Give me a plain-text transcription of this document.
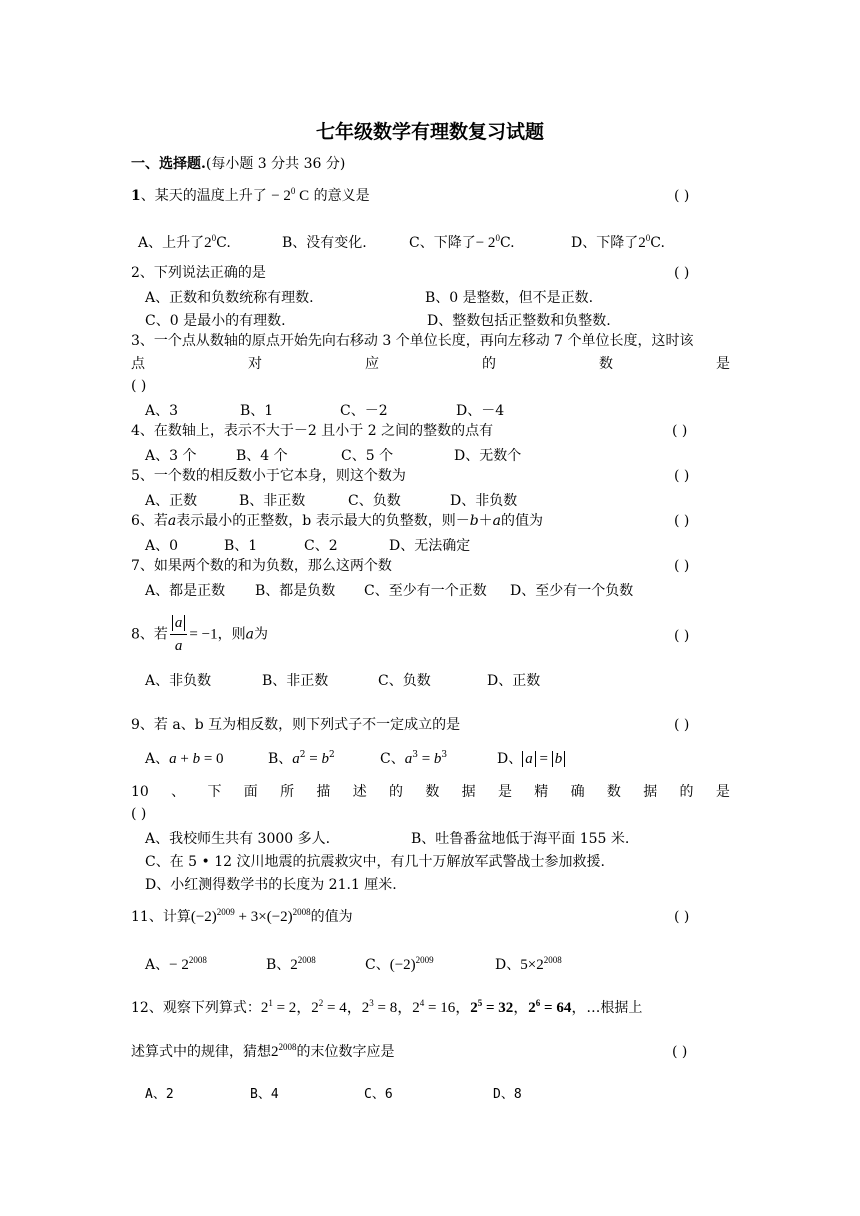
七年级数学有理数复习试题
一、选择题.(每小题 3 分共 36 分)
1、某天的温度上升了 − $2^0$ C 的意义是	( )
A、上升了$2^0C$.	B、没有变化.	C、下降了− $2^0C$.	D、下降了$2^0C$.
2、下列说法正确的是	( )
A、正数和负数统称有理数.	B、0 是整数，但不是正数.
C、0 是最小的有理数.	D、整数包括正整数和负整数.
3、一个点从数轴的原点开始先向右移动 3 个单位长度，再向左移动 7 个单位长度，这时该
点	对	应	的	数	是
( )
A、3	B、1	C、－2	D、－4
4、在数轴上，表示不大于－2 且小于 2 之间的整数的点有	( )
A、3 个	B、4 个	C、5 个	D、无数个
5、一个数的相反数小于它本身，则这个数为	( )
A、正数	B、非正数	C、负数	D、非负数
6、若a表示最小的正整数，b 表示最大的负整数，则－b＋a的值为	( )
A、0	B、1	C、2	D、无法确定
7、如果两个数的和为负数，那么这两个数	( )
A、都是正数 B、都是负数 C、至少有一个正数 D、至少有一个负数
8、若 $\frac{a}{a} = -1$，则a为	( )
A、非负数	B、非正数	C、负数	D、正数
9、若 a、b 互为相反数，则下列式子不一定成立的是	( )
A、a + b = 0	B、$a^2 = b^2$	C、$a^3 = b^3$	D、 a = b
10 、 下 面 所 描 述 的 数 据 是 精 确 数 据 的 是
( )
A、我校师生共有 3000 多人.	B、吐鲁番盆地低于海平面 155 米.
C、在 5 • 12 汶川地震的抗震救灾中，有几十万解放军武警战士参加救援.
D、小红测得数学书的长度为 21.1 厘米.
11、计算$(-2)^{2009} + 3\times(-2)^{2008}$的值为	( )
A、− $2^{2008}$	B、$2^{2008}$	C、$(-2)^{2009}$	D、$5\times 2^{2008}$
12、观察下列算式：$2^1 = 2$，$2^2 = 4$，$2^3 = 8$，$2^4 = 16$，$2^5 = 32$，$2^6 = 64$，…根据上
述算式中的规律，猜想$2^{2008}$的末位数字应是	( )
A、2	B、4	C、6	D、8
